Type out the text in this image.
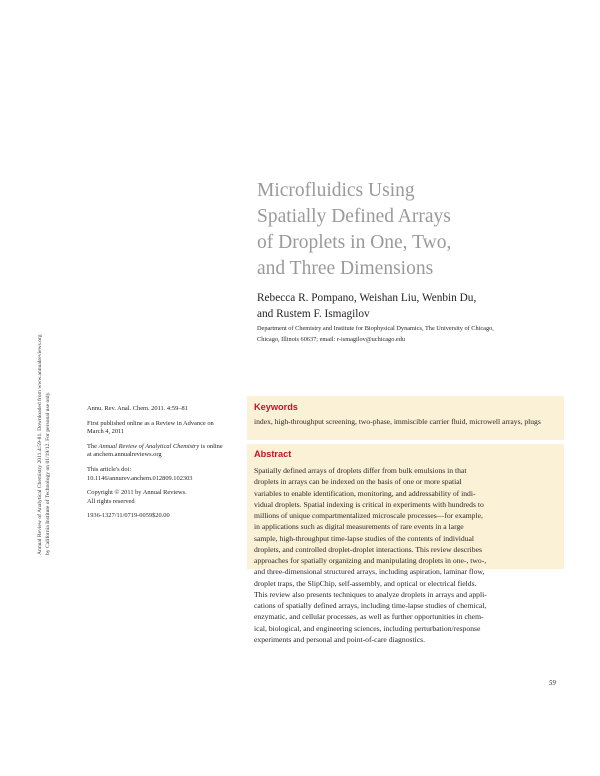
Annual Review of Analytical Chemistry 2011.4:59-81. Downloaded from www.annualreviews.org by California Institute of Technology on 01/19/12. For personal use only.
Microfluidics Using
Spatially Defined Arrays
of Droplets in One, Two,
and Three Dimensions
Rebecca R. Pompano, Weishan Liu, Wenbin Du,
and Rustem F. Ismagilov
Department of Chemistry and Institute for Biophysical Dynamics, The University of Chicago,
Chicago, Illinois 60637; email: r-ismagilov@uchicago.edu
Annu. Rev. Anal. Chem. 2011. 4:59–81
First published online as a Review in Advance on
March 4, 2011
The Annual Review of Analytical Chemistry is online
at anchem.annualreviews.org
This article's doi:
10.1146/annurev.anchem.012809.102303
Copyright © 2011 by Annual Reviews.
All rights reserved
1936-1327/11/0719-0059$20.00
Keywords
index, high-throughput screening, two-phase, immiscible carrier fluid, microwell arrays, plugs
Abstract
Spatially defined arrays of droplets differ from bulk emulsions in that
droplets in arrays can be indexed on the basis of one or more spatial
variables to enable identification, monitoring, and addressability of indi-
vidual droplets. Spatial indexing is critical in experiments with hundreds to
millions of unique compartmentalized microscale processes—for example,
in applications such as digital measurements of rare events in a large
sample, high-throughput time-lapse studies of the contents of individual
droplets, and controlled droplet-droplet interactions. This review describes
approaches for spatially organizing and manipulating droplets in one-, two-,
and three-dimensional structured arrays, including aspiration, laminar flow,
droplet traps, the SlipChip, self-assembly, and optical or electrical fields.
This review also presents techniques to analyze droplets in arrays and appli-
cations of spatially defined arrays, including time-lapse studies of chemical,
enzymatic, and cellular processes, as well as further opportunities in chem-
ical, biological, and engineering sciences, including perturbation/response
experiments and personal and point-of-care diagnostics.
59
